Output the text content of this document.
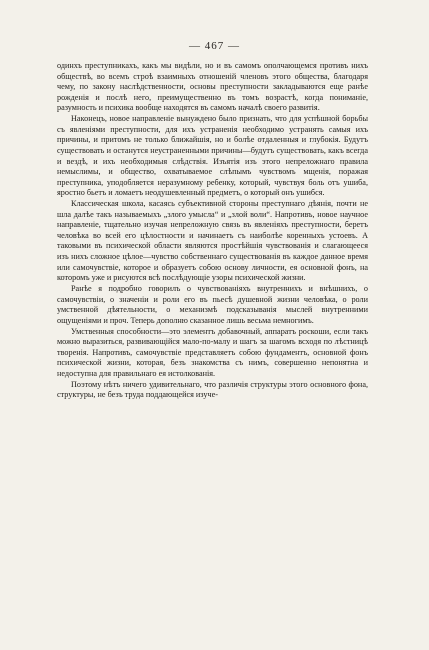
— 467 —

одинхъ преступникахъ, какъ мы видѣли, но и въ самомъ ополчающемся противъ нихъ обществѣ, во всемъ строѣ взаимныхъ отношеній членовъ этого общества, благодаря чему, по закону наслѣдственности, основы преступности закладываются еще ранѣе рожденія и послѣ него, преимущественно въ томъ возрастѣ, когда пониманіе, разумность и психика вообще находятся въ самомъ началѣ своего развитія.

Наконецъ, новое направленіе вынуждено было признать, что для успѣшной борьбы съ явленіями преступности, для ихъ устраненія необходимо устранять самыя ихъ причины, и притомъ не только ближайшія, но и болѣе отдаленныя и глубокія. Будутъ существовать и останутся неустраненными причины—будутъ существовать, какъ всегда и вездѣ, и ихъ необходимыя слѣдствія. Изъятія изъ этого непреложнаго правила немыслимы, и общество, охватываемое слѣпымъ чувствомъ мщенія, поражая преступника, уподобляется неразумному ребенку, который, чувствуя боль отъ ушиба, яростно бьетъ и ломаетъ неодушевленный предметъ, о который онъ ушибся.

Классическая школа, касаясь субъективной стороны преступнаго дѣянія, почти не шла далѣе такъ называемыхъ „злого умысла“ и „злой воли“. Напротивъ, новое научное направленіе, тщательно изучая непреложную связь въ явленіяхъ преступности, беретъ человѣка во всей его цѣлостности и начинаетъ съ наиболѣе коренныхъ устоевъ. А таковыми въ психической области являются простѣйшія чувствованія и слагающееся изъ нихъ сложное цѣлое—чувство собственнаго существованія въ каждое данное время или самочувствіе, которое и образуетъ собою основу личности, ея основной фонъ, на которомъ уже и рисуются всѣ послѣдующіе узоры психической жизни.

Ранѣе я подробно говорилъ о чувствованіяхъ внутреннихъ и внѣшнихъ, о самочувствіи, о значеніи и роли его въ пьесѣ душевной жизни человѣка, о роли умственной дѣятельности, о механизмѣ подсказыванія мыслей внутренними ощущеніями и проч. Теперь дополню сказанное лишь весьма немногимъ.

Умственныя способности—это элементъ добавочный, аппаратъ роскоши, если такъ можно выразиться, развивающійся мало-по-малу и шагъ за шагомъ всходя по лѣстницѣ творенія. Напротивъ, самочувствіе представляетъ собою фундаментъ, основной фонъ психической жизни, которая, безъ знакомства съ нимъ, совершенно непонятна и недоступна для правильнаго ея истолкованія.

Поэтому нѣтъ ничего удивительнаго, что различія структуры этого основного фона, структуры, не безъ труда поддающейся изуче-
